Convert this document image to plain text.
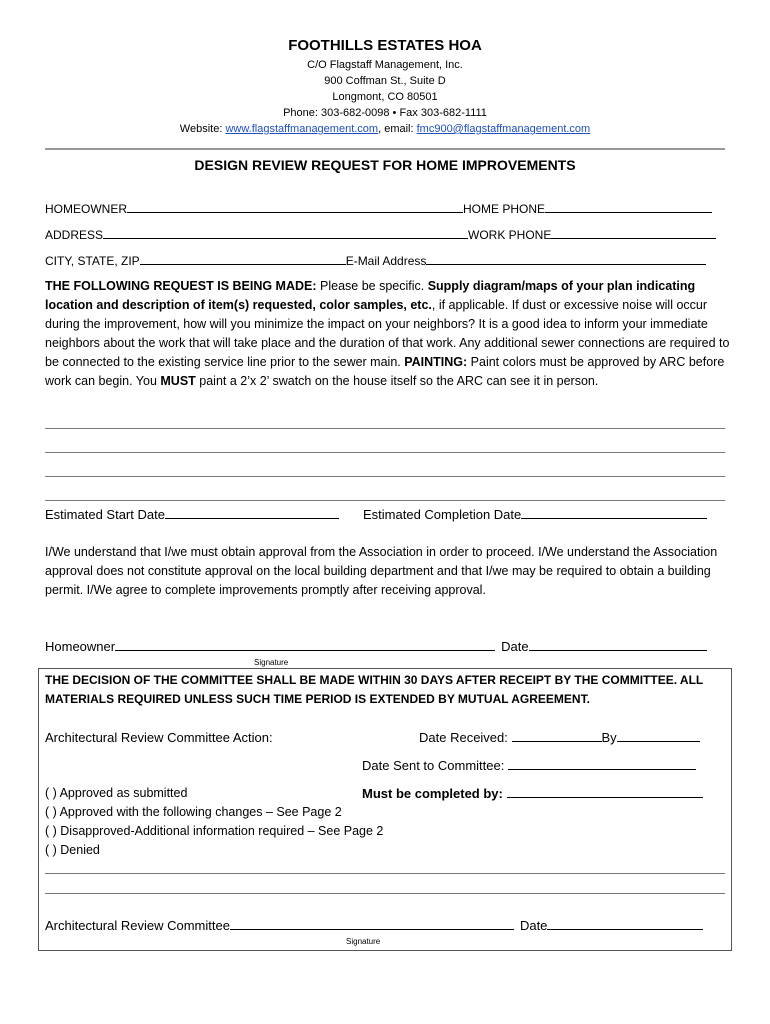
FOOTHILLS ESTATES HOA
C/O Flagstaff Management, Inc.
900 Coffman St., Suite D
Longmont, CO 80501
Phone: 303-682-0098 • Fax 303-682-1111
Website: www.flagstaffmanagement.com, email: fmc900@flagstaffmanagement.com
DESIGN REVIEW REQUEST FOR HOME IMPROVEMENTS
HOMEOWNER	HOME PHONE
ADDRESS	WORK PHONE
CITY, STATE, ZIP	E-Mail Address
THE FOLLOWING REQUEST IS BEING MADE: Please be specific. Supply diagram/maps of your plan indicating location and description of item(s) requested, color samples, etc., if applicable. If dust or excessive noise will occur during the improvement, how will you minimize the impact on your neighbors? It is a good idea to inform your immediate neighbors about the work that will take place and the duration of that work. Any additional sewer connections are required to be connected to the existing service line prior to the sewer main. PAINTING: Paint colors must be approved by ARC before work can begin. You MUST paint a 2’x 2’ swatch on the house itself so the ARC can see it in person.
Estimated Start Date	Estimated Completion Date
I/We understand that I/we must obtain approval from the Association in order to proceed. I/We understand the Association approval does not constitute approval on the local building department and that I/we may be required to obtain a building permit. I/We agree to complete improvements promptly after receiving approval.
Homeowner	Date
Signature
THE DECISION OF THE COMMITTEE SHALL BE MADE WITHIN 30 DAYS AFTER RECEIPT BY THE COMMITTEE. ALL MATERIALS REQUIRED UNLESS SUCH TIME PERIOD IS EXTENDED BY MUTUAL AGREEMENT.
Architectural Review Committee Action:	Date Received:	By
Date Sent to Committee:
( ) Approved as submitted	Must be completed by:
( ) Approved with the following changes – See Page 2
( ) Disapproved-Additional information required – See Page 2
( ) Denied
Architectural Review Committee	Date
Signature
